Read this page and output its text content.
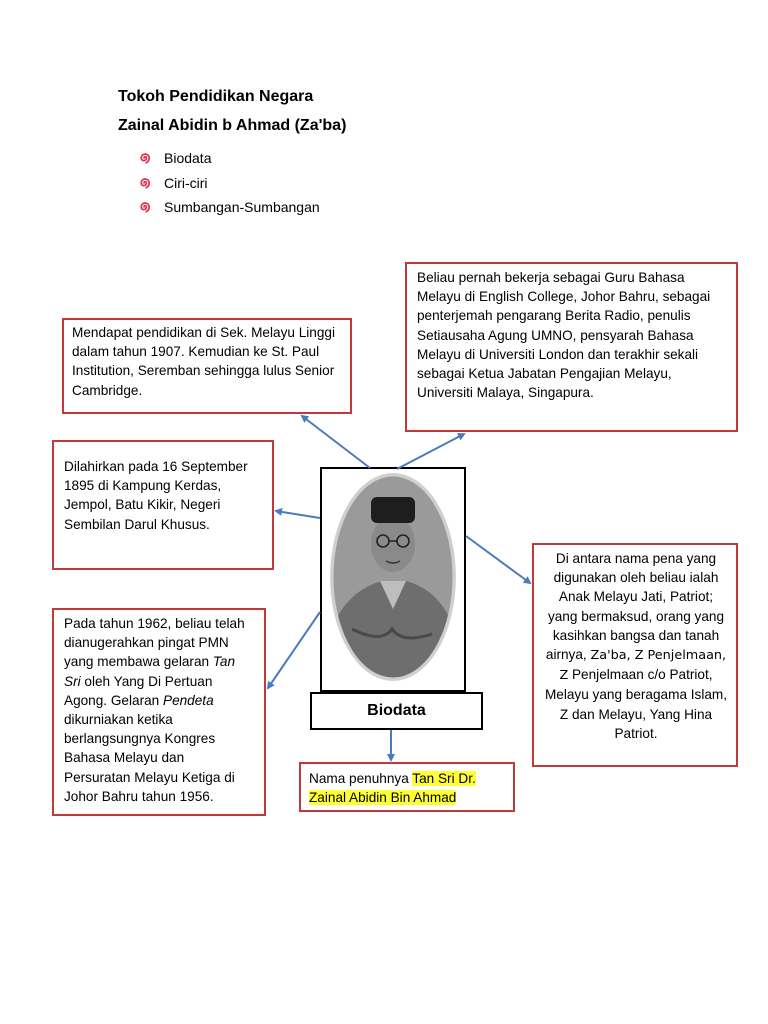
Tokoh Pendidikan Negara
Zainal Abidin b Ahmad (Za'ba)
Biodata
Ciri-ciri
Sumbangan-Sumbangan
Mendapat pendidikan di Sek. Melayu Linggi dalam tahun 1907. Kemudian ke St. Paul Institution, Seremban sehingga lulus Senior Cambridge.
Beliau pernah bekerja sebagai Guru Bahasa Melayu di English College, Johor Bahru, sebagai penterjemah pengarang Berita Radio, penulis Setiausaha Agung UMNO, pensyarah Bahasa Melayu di Universiti London dan terakhir sekali sebagai Ketua Jabatan Pengajian Melayu, Universiti Malaya, Singapura.
Dilahirkan pada 16 September 1895 di Kampung Kerdas, Jempol, Batu Kikir, Negeri Sembilan Darul Khusus.
Pada tahun 1962, beliau telah dianugerahkan pingat PMN yang membawa gelaran Tan Sri oleh Yang Di Pertuan Agong. Gelaran Pendeta dikurniakan ketika berlangsungnya Kongres Bahasa Melayu dan Persuratan Melayu Ketiga di Johor Bahru tahun 1956.
Di antara nama pena yang digunakan oleh beliau ialah Anak Melayu Jati, Patriot; yang bermaksud, orang yang kasihkan bangsa dan tanah airnya, Za'ba, Z Penjelmaan, Z Penjelmaan c/o Patriot, Melayu yang beragama Islam, Z dan Melayu, Yang Hina Patriot.
Nama penuhnya Tan Sri Dr. Zainal Abidin Bin Ahmad
Biodata
